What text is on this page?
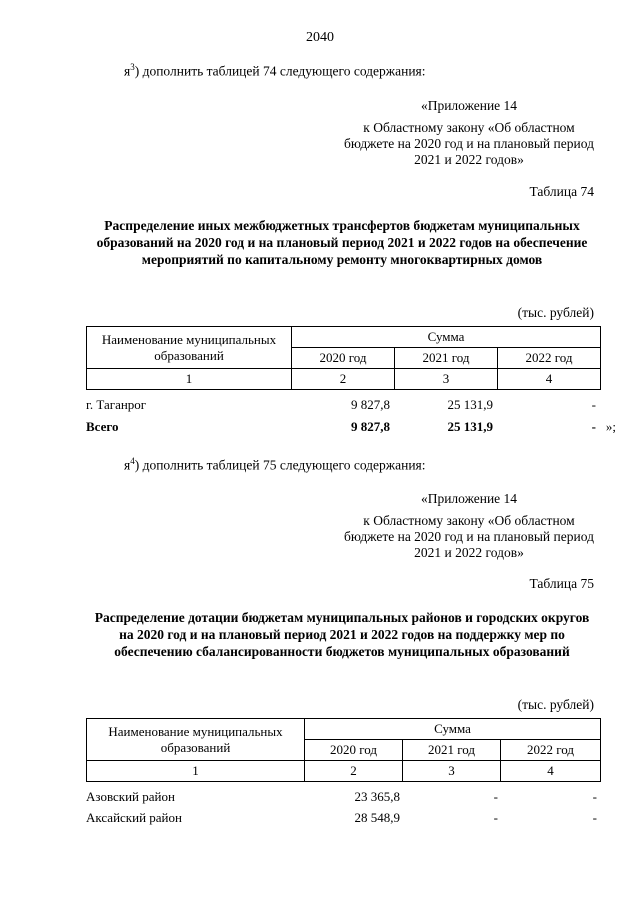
2040

$я^3$) дополнить таблицей 74 следующего содержания:

«Приложение 14

к Областному закону «Об областном бюджете на 2020 год и на плановый период 2021 и 2022 годов»

Таблица 74

Распределение иных межбюджетных трансфертов бюджетам муниципальных образований на 2020 год и на плановый период 2021 и 2022 годов на обеспечение мероприятий по капитальному ремонту многоквартирных домов

(тыс. рублей)

Наименование муниципальных образований	Сумма		
	2020 год	2021 год	2022 год
1	2	3	4
г. Таганрог	9 827,8	25 131,9	-
Всего	9 827,8	25 131,9	- »;

$я^4$) дополнить таблицей 75 следующего содержания:

«Приложение 14

к Областному закону «Об областном бюджете на 2020 год и на плановый период 2021 и 2022 годов»

Таблица 75

Распределение дотации бюджетам муниципальных районов и городских округов на 2020 год и на плановый период 2021 и 2022 годов на поддержку мер по обеспечению сбалансированности бюджетов муниципальных образований

(тыс. рублей)

Наименование муниципальных образований	Сумма		
	2020 год	2021 год	2022 год
1	2	3	4
Азовский район	23 365,8	-	-
Аксайский район	28 548,9	-	-
